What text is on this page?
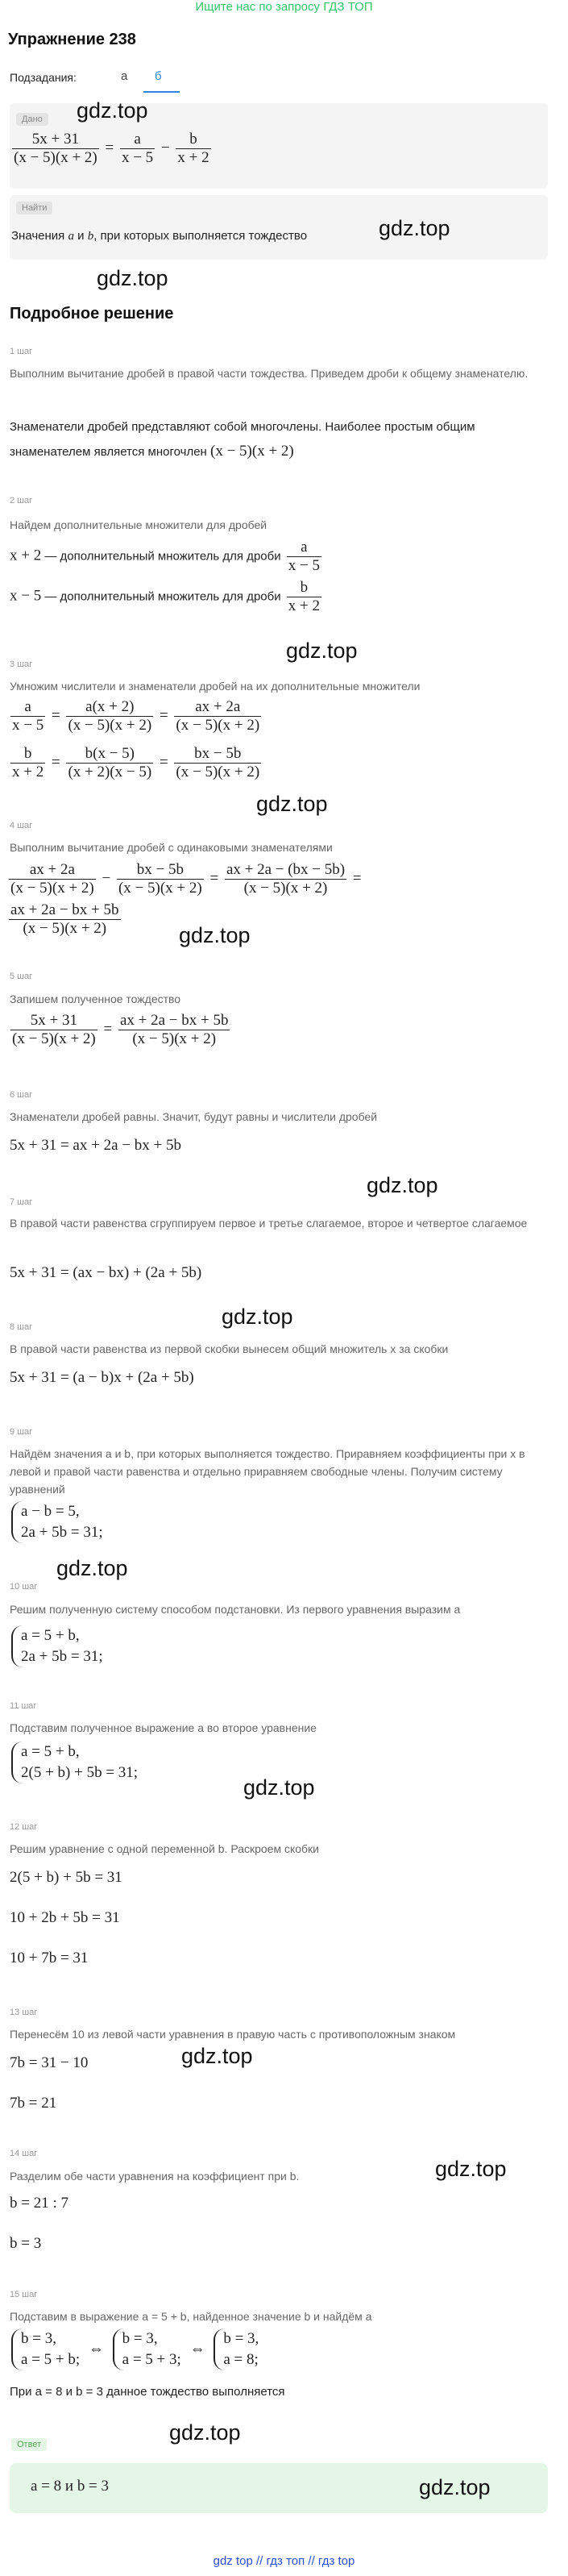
Ищите нас по запросу ГДЗ ТОП
Упражнение 238
Подзадания:	а б
Дано
$\frac{5x + 31}{(x - 5)(x + 2)} = \frac{a}{x - 5} - \frac{b}{x + 2}$
gdz.top
Найти
Значения a и b, при которых выполняется тождество	gdz.top
gdz.top
Подробное решение
1 шаг
Выполним вычитание дробей в правой части тождества. Приведем дроби к общему знаменателю.
Знаменатели дробей представляют собой многочлены. Наиболее простым общим знаменателем является многочлен (x − 5)(x + 2)
2 шаг
Найдем дополнительные множители для дробей
x + 2 — дополнительный множитель для дроби $\frac{a}{x - 5}$
x − 5 — дополнительный множитель для дроби $\frac{b}{x + 2}$
gdz.top
3 шаг
Умножим числители и знаменатели дробей на их дополнительные множители
$\frac{a}{x - 5} = \frac{a(x + 2)}{(x - 5)(x + 2)} = \frac{ax + 2a}{(x - 5)(x + 2)}$
$\frac{b}{x + 2} = \frac{b(x - 5)}{(x + 2)(x - 5)} = \frac{bx - 5b}{(x - 5)(x + 2)}$
gdz.top
4 шаг
Выполним вычитание дробей с одинаковыми знаменателями
$\frac{ax + 2a}{(x - 5)(x + 2)} - \frac{bx - 5b}{(x - 5)(x + 2)} = \frac{ax + 2a - (bx - 5b)}{(x - 5)(x + 2)}$ =
$\frac{ax + 2a - bx + 5b}{(x - 5)(x + 2)}$	gdz.top
5 шаг
Запишем полученное тождество
$\frac{5x + 31}{(x - 5)(x + 2)} = \frac{ax + 2a - bx + 5b}{(x - 5)(x + 2)}$
6 шаг
Знаменатели дробей равны. Значит, будут равны и числители дробей
5x + 31 = ax + 2a − bx + 5b
gdz.top
7 шаг
В правой части равенства сгруппируем первое и третье слагаемое, второе и четвертое слагаемое
5x + 31 = (ax − bx) + (2a + 5b)
gdz.top
8 шаг
В правой части равенства из первой скобки вынесем общий множитель x за скобки
5x + 31 = (a − b)x + (2a + 5b)
9 шаг
Найдём значения a и b, при которых выполняется тождество. Приравняем коэффициенты при x в левой и правой части равенства и отдельно приравняем свободные члены. Получим систему уравнений
a − b = 5,
2a + 5b = 31;
gdz.top
10 шаг
Решим полученную систему способом подстановки. Из первого уравнения выразим a
a = 5 + b,
2a + 5b = 31;
11 шаг
Подставим полученное выражение a во второе уравнение
a = 5 + b,
2(5 + b) + 5b = 31;
gdz.top
12 шаг
Решим уравнение с одной переменной b. Раскроем скобки
2(5 + b) + 5b = 31
10 + 2b + 5b = 31
10 + 7b = 31
13 шаг
Перенесём 10 из левой части уравнения в правую часть с противоположным знаком
gdz.top
7b = 31 − 10
7b = 21
14 шаг
gdz.top
Разделим обе части уравнения на коэффициент при b.
b = 21 : 7
b = 3
15 шаг
Подставим в выражение a = 5 + b, найденное значение b и найдём a
b = 3,
a = 5 + b;
⇔
b = 3,
a = 5 + 3;
⇔
b = 3,
a = 8;
При a = 8 и b = 3 данное тождество выполняется
gdz.top
Ответ
a = 8 и b = 3	gdz.top
gdz top // гдз топ // гдз top
